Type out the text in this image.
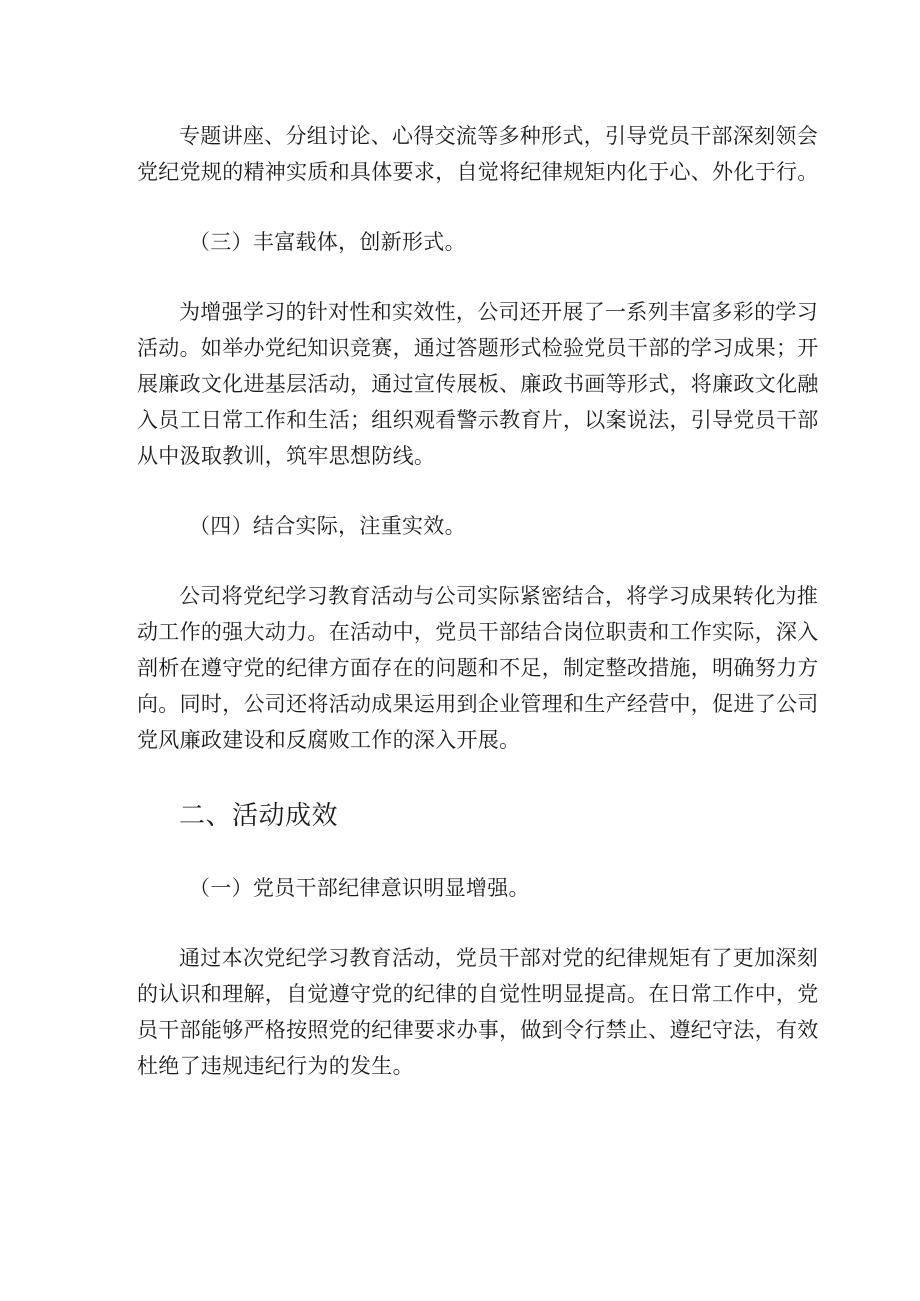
专题讲座、分组讨论、心得交流等多种形式，引导党员干部深刻领会
党纪党规的精神实质和具体要求，自觉将纪律规矩内化于心、外化于行。

（三）丰富载体，创新形式。

为增强学习的针对性和实效性，公司还开展了一系列丰富多彩的学习
活动。如举办党纪知识竞赛，通过答题形式检验党员干部的学习成果；开
展廉政文化进基层活动，通过宣传展板、廉政书画等形式，将廉政文化融
入员工日常工作和生活；组织观看警示教育片，以案说法，引导党员干部
从中汲取教训，筑牢思想防线。

（四）结合实际，注重实效。

公司将党纪学习教育活动与公司实际紧密结合，将学习成果转化为推
动工作的强大动力。在活动中，党员干部结合岗位职责和工作实际，深入
剖析在遵守党的纪律方面存在的问题和不足，制定整改措施，明确努力方
向。同时，公司还将活动成果运用到企业管理和生产经营中，促进了公司
党风廉政建设和反腐败工作的深入开展。

二、活动成效

（一）党员干部纪律意识明显增强。

通过本次党纪学习教育活动，党员干部对党的纪律规矩有了更加深刻
的认识和理解，自觉遵守党的纪律的自觉性明显提高。在日常工作中，党
员干部能够严格按照党的纪律要求办事，做到令行禁止、遵纪守法，有效
杜绝了违规违纪行为的发生。
